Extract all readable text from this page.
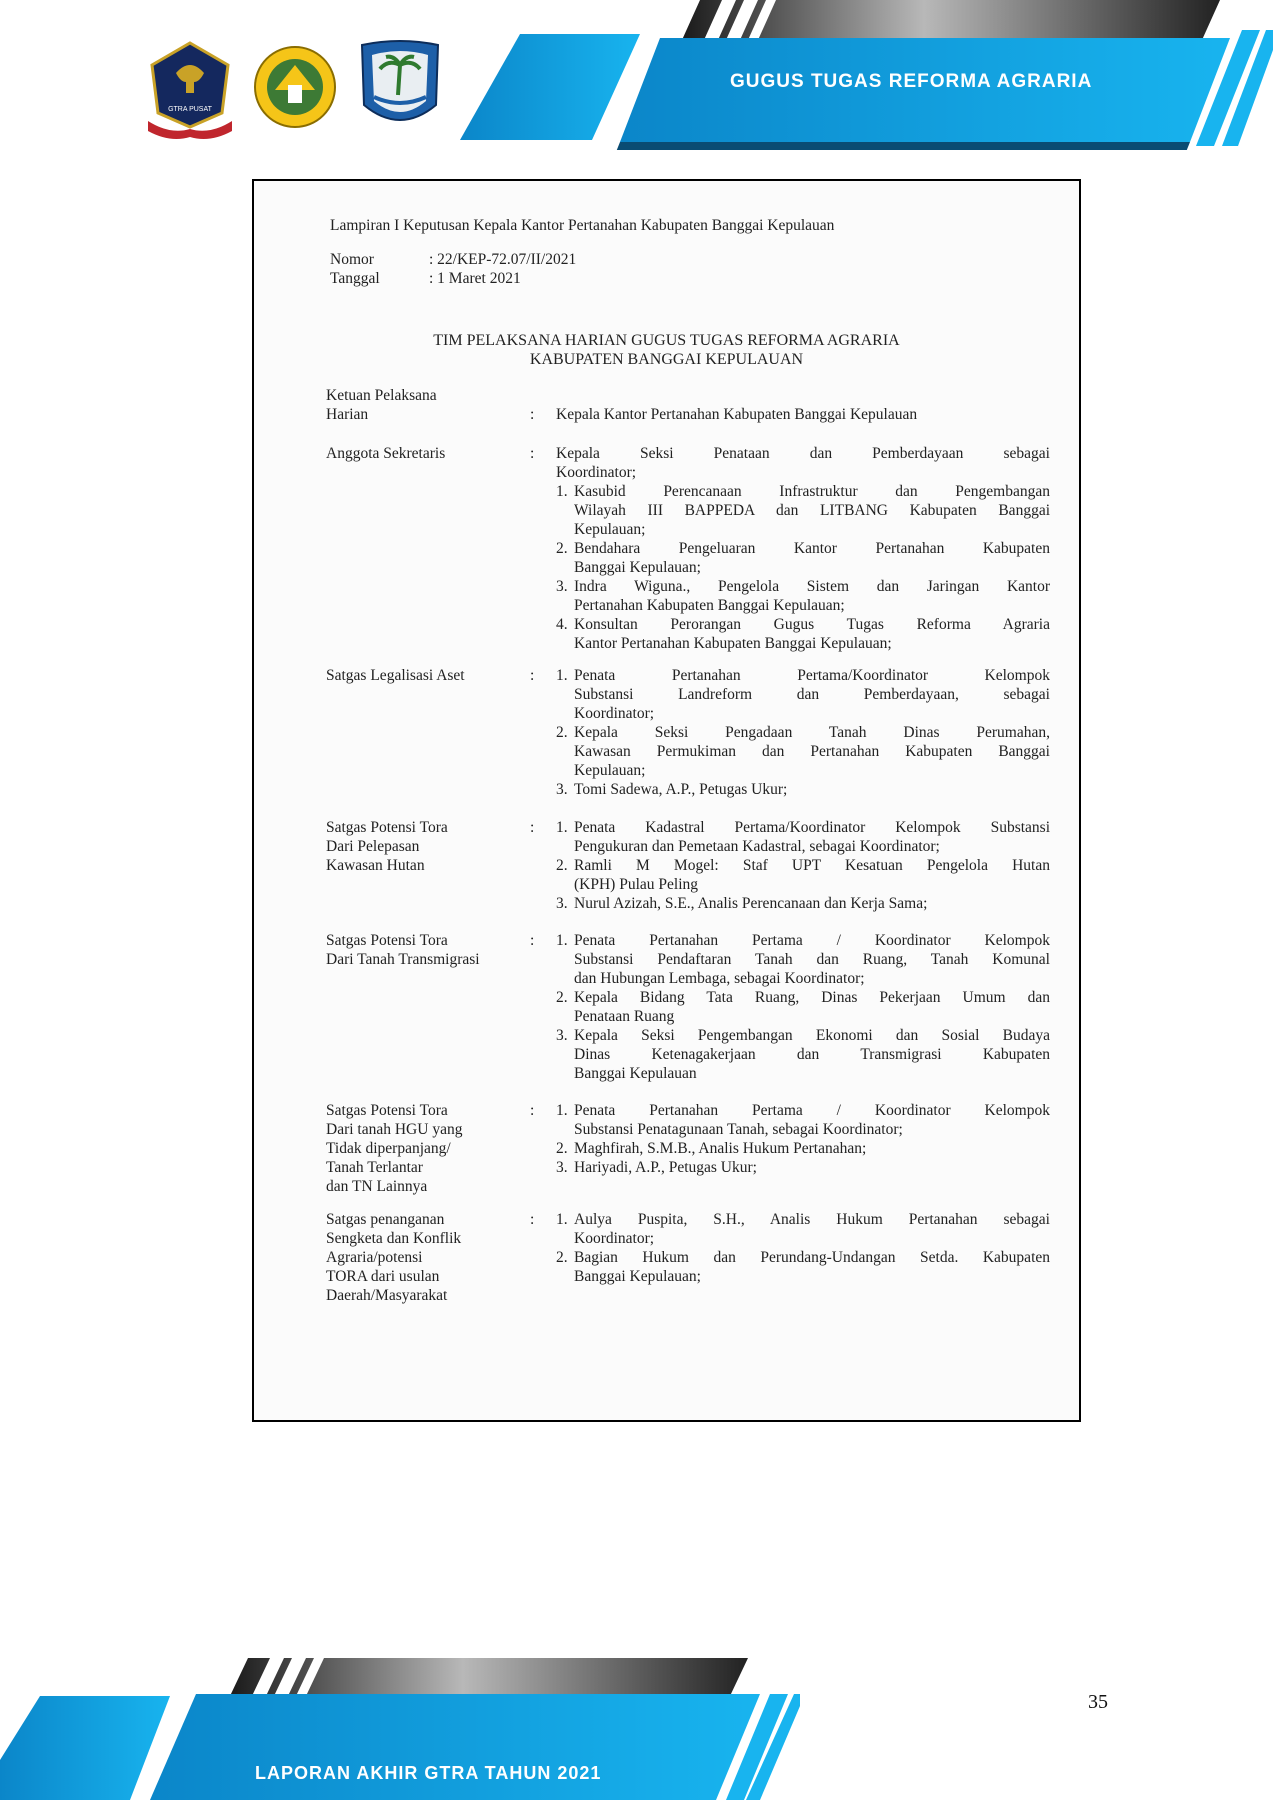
GTRA PUSAT
GUGUS TUGAS REFORMA AGRARIA
Lampiran I Keputusan Kepala Kantor Pertanahan Kabupaten Banggai Kepulauan
Nomor	: 22/KEP-72.07/II/2021
Tanggal	: 1 Maret 2021
TIM PELAKSANA HARIAN GUGUS TUGAS REFORMA AGRARIA
KABUPATEN BANGGAI KEPULAUAN
Ketuan Pelaksana
Harian	: Kepala Kantor Pertanahan Kabupaten Banggai Kepulauan
Anggota Sekretaris	: Kepala Seksi Penataan dan Pemberdayaan sebagai
Koordinator;
1. Kasubid Perencanaan Infrastruktur dan Pengembangan
Wilayah III BAPPEDA dan LITBANG Kabupaten Banggai
Kepulauan;
2. Bendahara Pengeluaran Kantor Pertanahan Kabupaten
Banggai Kepulauan;
3. Indra Wiguna., Pengelola Sistem dan Jaringan Kantor
Pertanahan Kabupaten Banggai Kepulauan;
4. Konsultan Perorangan Gugus Tugas Reforma Agraria
Kantor Pertanahan Kabupaten Banggai Kepulauan;
Satgas Legalisasi Aset	: 1. Penata Pertanahan Pertama/Koordinator Kelompok
Substansi Landreform dan Pemberdayaan, sebagai
Koordinator;
2. Kepala Seksi Pengadaan Tanah Dinas Perumahan,
Kawasan Permukiman dan Pertanahan Kabupaten Banggai
Kepulauan;
3. Tomi Sadewa, A.P., Petugas Ukur;
Satgas Potensi Tora
Dari Pelepasan
Kawasan Hutan
: 1. Penata Kadastral Pertama/Koordinator Kelompok Substansi
Pengukuran dan Pemetaan Kadastral, sebagai Koordinator;
2. Ramli M Mogel: Staf UPT Kesatuan Pengelola Hutan
(KPH) Pulau Peling
3. Nurul Azizah, S.E., Analis Perencanaan dan Kerja Sama;
Satgas Potensi Tora
Dari Tanah Transmigrasi
: 1. Penata Pertanahan Pertama / Koordinator Kelompok
Substansi Pendaftaran Tanah dan Ruang, Tanah Komunal
dan Hubungan Lembaga, sebagai Koordinator;
2. Kepala Bidang Tata Ruang, Dinas Pekerjaan Umum dan
Penataan Ruang
3. Kepala Seksi Pengembangan Ekonomi dan Sosial Budaya
Dinas Ketenagakerjaan dan Transmigrasi Kabupaten
Banggai Kepulauan
Satgas Potensi Tora
Dari tanah HGU yang
Tidak diperpanjang/
Tanah Terlantar
dan TN Lainnya
: 1. Penata Pertanahan Pertama / Koordinator Kelompok
Substansi Penatagunaan Tanah, sebagai Koordinator;
2. Maghfirah, S.M.B., Analis Hukum Pertanahan;
3. Hariyadi, A.P., Petugas Ukur;
Satgas penanganan
Sengketa dan Konflik
Agraria/potensi
TORA dari usulan
Daerah/Masyarakat
: 1. Aulya Puspita, S.H., Analis Hukum Pertanahan sebagai
Koordinator;
2. Bagian Hukum dan Perundang-Undangan Setda. Kabupaten
Banggai Kepulauan;
LAPORAN AKHIR GTRA TAHUN 2021
35
